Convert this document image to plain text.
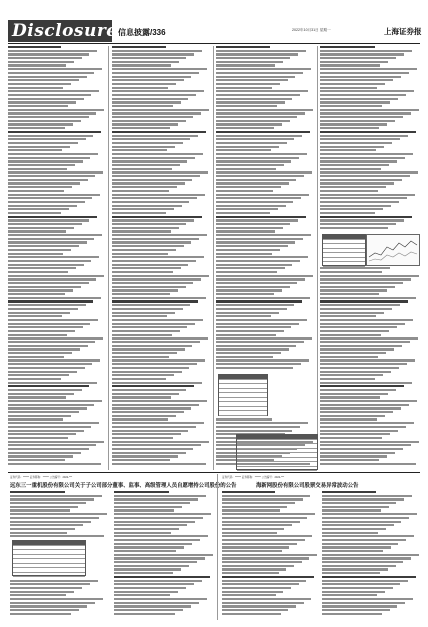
Disclosure 信息披露/336	2022年10月31日 星期一	上海证券报
证券代码：****** 证券简称：****** 公告编号：2022-***
远东三一重机股份有限公司关于子公司部分董事、监事、高级管理人员自愿增持公司股份的公告
证券代码：****** 证券简称：****** 公告编号：2022-***
海新网股份有限公司股票交易异常波动公告
